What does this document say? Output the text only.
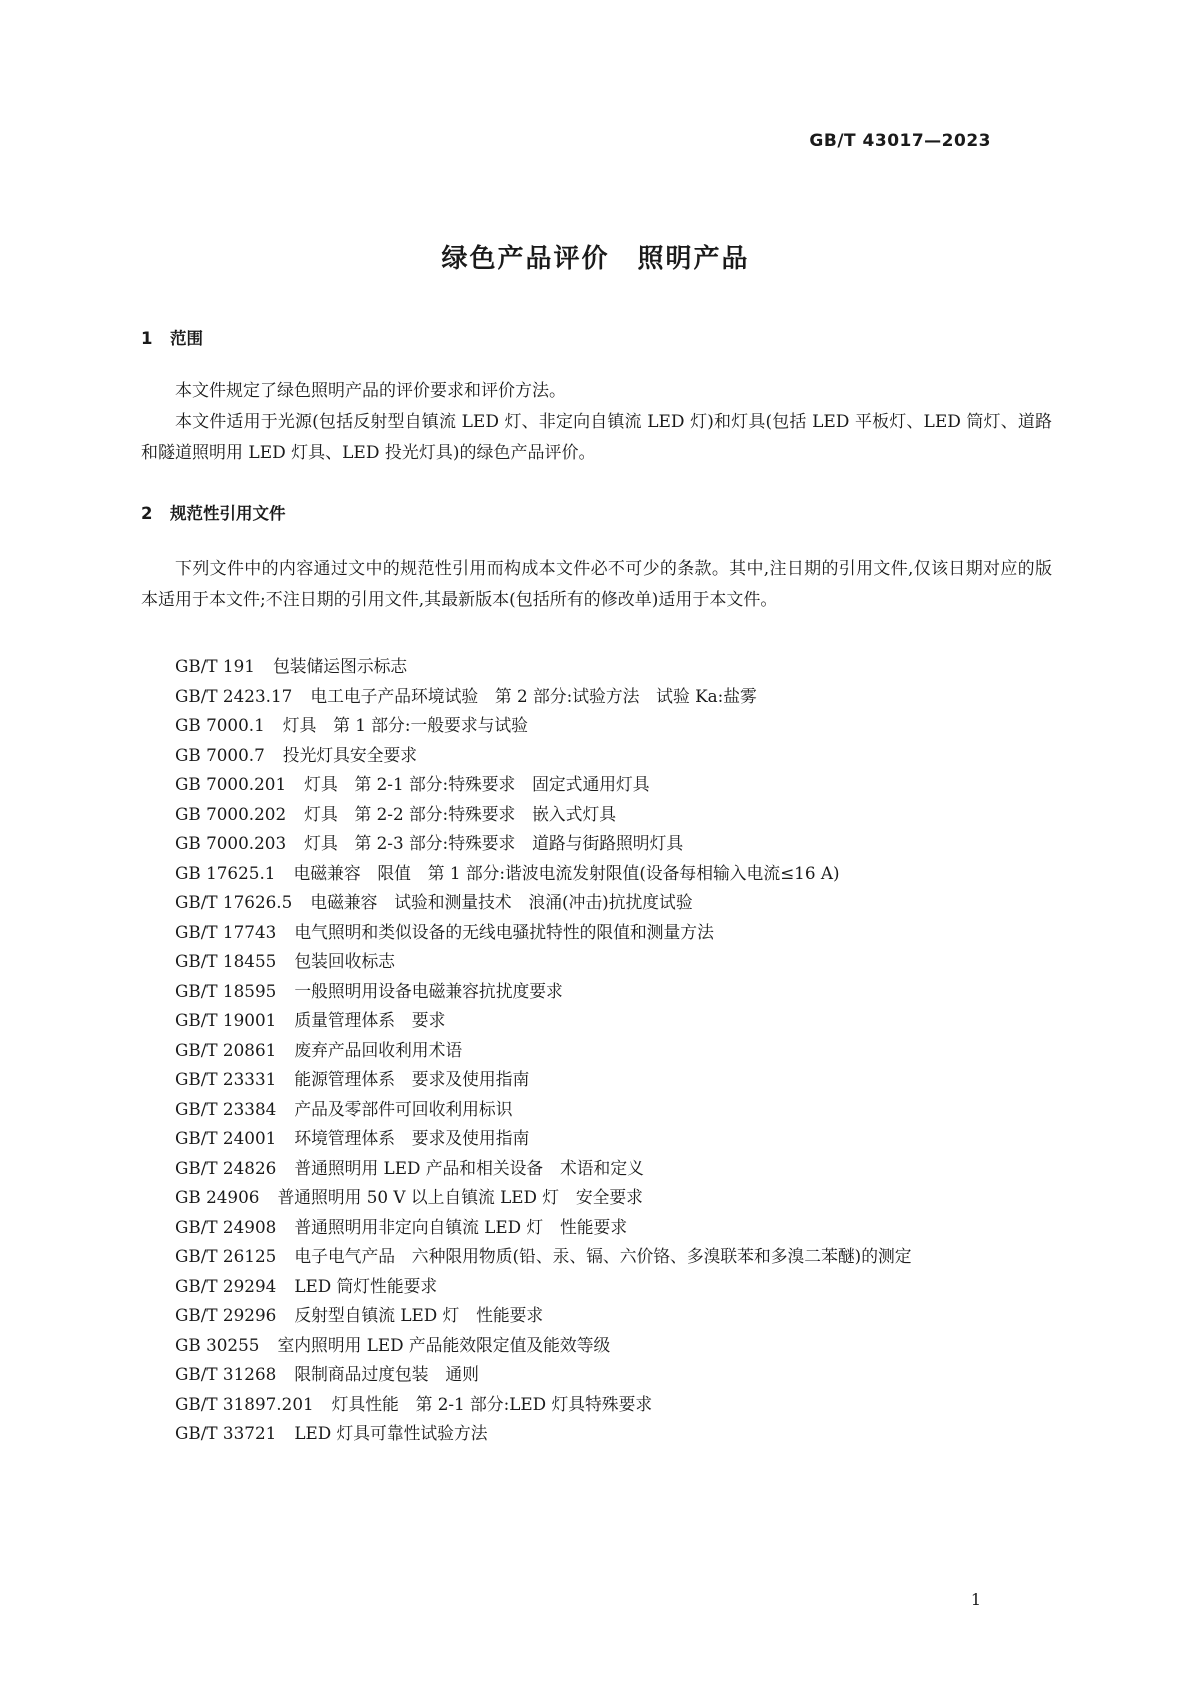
GB/T 43017—2023
绿色产品评价　照明产品
1 范围

本文件规定了绿色照明产品的评价要求和评价方法。

本文件适用于光源(包括反射型自镇流 LED 灯、非定向自镇流 LED 灯)和灯具(包括 LED 平板灯、LED 筒灯、道路和隧道照明用 LED 灯具、LED 投光灯具)的绿色产品评价。

2 规范性引用文件

下列文件中的内容通过文中的规范性引用而构成本文件必不可少的条款。其中,注日期的引用文件,仅该日期对应的版本适用于本文件;不注日期的引用文件,其最新版本(包括所有的修改单)适用于本文件。

GB/T 191 包装储运图示标志
GB/T 2423.17 电工电子产品环境试验　第 2 部分:试验方法　试验 Ka:盐雾
GB 7000.1 灯具　第 1 部分:一般要求与试验
GB 7000.7 投光灯具安全要求
GB 7000.201 灯具　第 2-1 部分:特殊要求　固定式通用灯具
GB 7000.202 灯具　第 2-2 部分:特殊要求　嵌入式灯具
GB 7000.203 灯具　第 2-3 部分:特殊要求　道路与街路照明灯具
GB 17625.1 电磁兼容　限值　第 1 部分:谐波电流发射限值(设备每相输入电流≤16 A)
GB/T 17626.5 电磁兼容　试验和测量技术　浪涌(冲击)抗扰度试验
GB/T 17743 电气照明和类似设备的无线电骚扰特性的限值和测量方法
GB/T 18455 包装回收标志
GB/T 18595 一般照明用设备电磁兼容抗扰度要求
GB/T 19001 质量管理体系　要求
GB/T 20861 废弃产品回收利用术语
GB/T 23331 能源管理体系　要求及使用指南
GB/T 23384 产品及零部件可回收利用标识
GB/T 24001 环境管理体系　要求及使用指南
GB/T 24826 普通照明用 LED 产品和相关设备　术语和定义
GB 24906 普通照明用 50 V 以上自镇流 LED 灯　安全要求
GB/T 24908 普通照明用非定向自镇流 LED 灯　性能要求
GB/T 26125 电子电气产品　六种限用物质(铅、汞、镉、六价铬、多溴联苯和多溴二苯醚)的测定
GB/T 29294 LED 筒灯性能要求
GB/T 29296 反射型自镇流 LED 灯　性能要求
GB 30255 室内照明用 LED 产品能效限定值及能效等级
GB/T 31268 限制商品过度包装　通则
GB/T 31897.201 灯具性能　第 2-1 部分:LED 灯具特殊要求
GB/T 33721 LED 灯具可靠性试验方法
1
